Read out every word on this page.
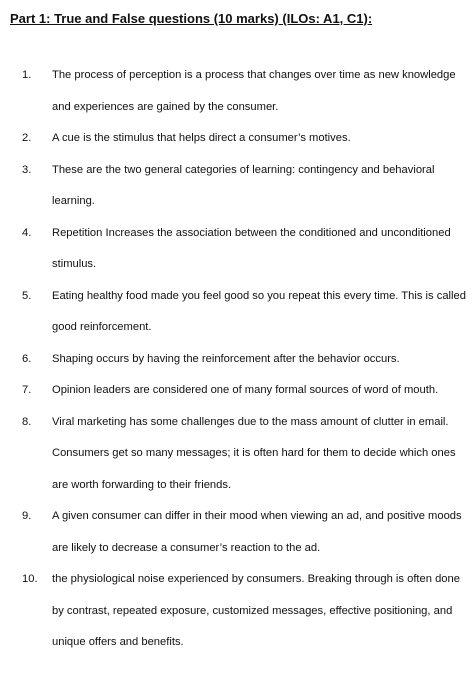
Part 1: True and False questions (10 marks) (ILOs: A1, C1):
1.	The process of perception is a process that changes over time as new knowledge and experiences are gained by the consumer.
2.	A cue is the stimulus that helps direct a consumer’s motives.
3.	These are the two general categories of learning: contingency and behavioral learning.
4.	Repetition Increases the association between the conditioned and unconditioned stimulus.
5.	Eating healthy food made you feel good so you repeat this every time. This is called good reinforcement.
6.	Shaping occurs by having the reinforcement after the behavior occurs.
7.	Opinion leaders are considered one of many formal sources of word of mouth.
8.	Viral marketing has some challenges due to the mass amount of clutter in email. Consumers get so many messages; it is often hard for them to decide which ones are worth forwarding to their friends.
9.	A given consumer can differ in their mood when viewing an ad, and positive moods are likely to decrease a consumer’s reaction to the ad.
10.	the physiological noise experienced by consumers. Breaking through is often done by contrast, repeated exposure, customized messages, effective positioning, and unique offers and benefits.
